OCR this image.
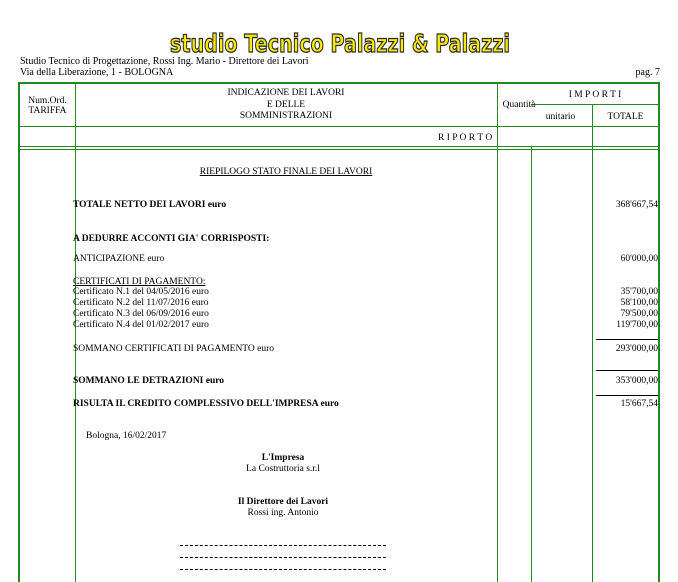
studio Tecnico Palazzi & Palazzi
Studio Tecnico di Progettazione, Rossi Ing. Mario - Direttore dei Lavori
Via della Liberazione, 1 - BOLOGNA	pag. 7
Num.Ord.
TARIFFA
INDICAZIONE DEI LAVORI
E DELLE
SOMMINISTRAZIONI
Quantità
I M P O R T I
unitario	TOTALE
R I P O R T O
RIEPILOGO STATO FINALE DEI LAVORI
TOTALE NETTO DEI LAVORI euro	368'667,54
A DEDURRE ACCONTI GIA' CORRISPOSTI:
ANTICIPAZIONE euro	60'000,00
CERTIFICATI DI PAGAMENTO:
Certificato N.1 del 04/05/2016 euro	35'700,00
Certificato N.2 del 11/07/2016 euro	58'100,00
Certificato N.3 del 06/09/2016 euro	79'500,00
Certificato N.4 del 01/02/2017 euro	119'700,00
SOMMANO CERTIFICATI DI PAGAMENTO euro	293'000,00
SOMMANO LE DETRAZIONI euro	353'000,00
RISULTA IL CREDITO COMPLESSIVO DELL'IMPRESA euro	15'667,54
Bologna, 16/02/2017
L'Impresa
La Costruttoria s.r.l
Il Direttore dei Lavori
Rossi ing. Antonio
